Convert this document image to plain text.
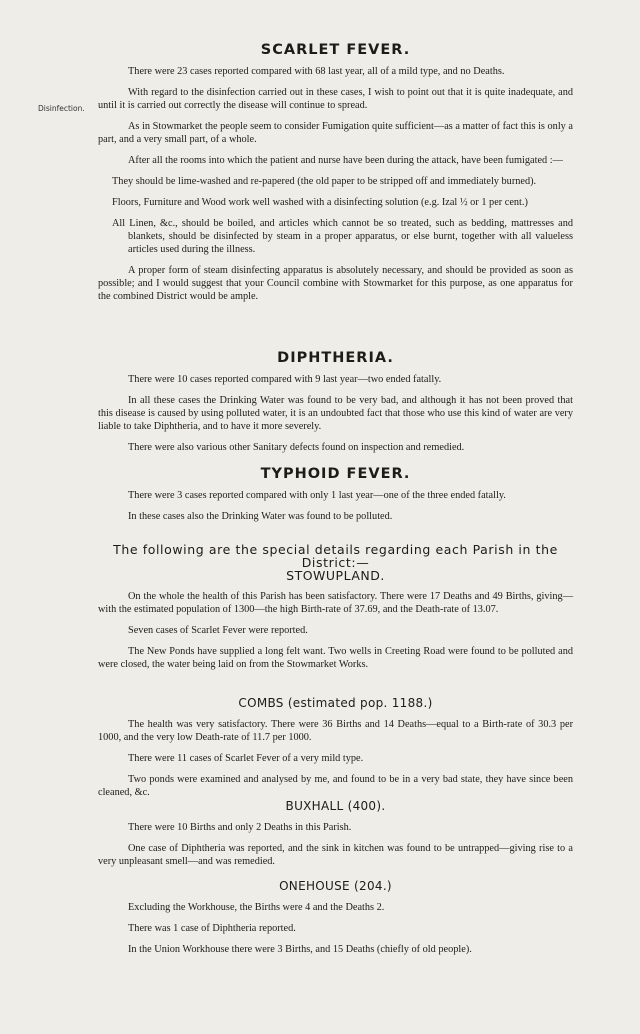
Disinfection.
SCARLET FEVER.

There were 23 cases reported compared with 68 last year, all of a mild type, and no Deaths.

With regard to the disinfection carried out in these cases, I wish to point out that it is quite inadequate, and until it is carried out correctly the disease will continue to spread.

As in Stowmarket the people seem to consider Fumigation quite sufficient—as a matter of fact this is only a part, and a very small part, of a whole.

After all the rooms into which the patient and nurse have been during the attack, have been fumigated :—

They should be lime-washed and re-papered (the old paper to be stripped off and immediately burned).

Floors, Furniture and Wood work well washed with a disinfecting solution (e.g. Izal ½ or 1 per cent.)

All Linen, &c., should be boiled, and articles which cannot be so treated, such as bedding, mattresses and blankets, should be disinfected by steam in a proper apparatus, or else burnt, together with all valueless articles used during the illness.

A proper form of steam disinfecting apparatus is absolutely necessary, and should be provided as soon as possible; and I would suggest that your Council combine with Stowmarket for this purpose, as one apparatus for the combined District would be ample.

DIPHTHERIA.

There were 10 cases reported compared with 9 last year—two ended fatally.

In all these cases the Drinking Water was found to be very bad, and although it has not been proved that this disease is caused by using polluted water, it is an undoubted fact that those who use this kind of water are very liable to take Diphtheria, and to have it more severely.

There were also various other Sanitary defects found on inspection and remedied.

TYPHOID FEVER.

There were 3 cases reported compared with only 1 last year—one of the three ended fatally.

In these cases also the Drinking Water was found to be polluted.

The following are the special details regarding each Parish in the District:—
STOWUPLAND.

On the whole the health of this Parish has been satisfactory. There were 17 Deaths and 49 Births, giving—with the estimated population of 1300—the high Birth-rate of 37.69, and the Death-rate of 13.07.

Seven cases of Scarlet Fever were reported.

The New Ponds have supplied a long felt want. Two wells in Creeting Road were found to be polluted and were closed, the water being laid on from the Stowmarket Works.

COMBS (estimated pop. 1188.)

The health was very satisfactory. There were 36 Births and 14 Deaths—equal to a Birth-rate of 30.3 per 1000, and the very low Death-rate of 11.7 per 1000.

There were 11 cases of Scarlet Fever of a very mild type.

Two ponds were examined and analysed by me, and found to be in a very bad state, they have since been cleaned, &c.

BUXHALL (400).

There were 10 Births and only 2 Deaths in this Parish.

One case of Diphtheria was reported, and the sink in kitchen was found to be untrapped—giving rise to a very unpleasant smell—and was remedied.

ONEHOUSE (204.)

Excluding the Workhouse, the Births were 4 and the Deaths 2.

There was 1 case of Diphtheria reported.

In the Union Workhouse there were 3 Births, and 15 Deaths (chiefly of old people).
